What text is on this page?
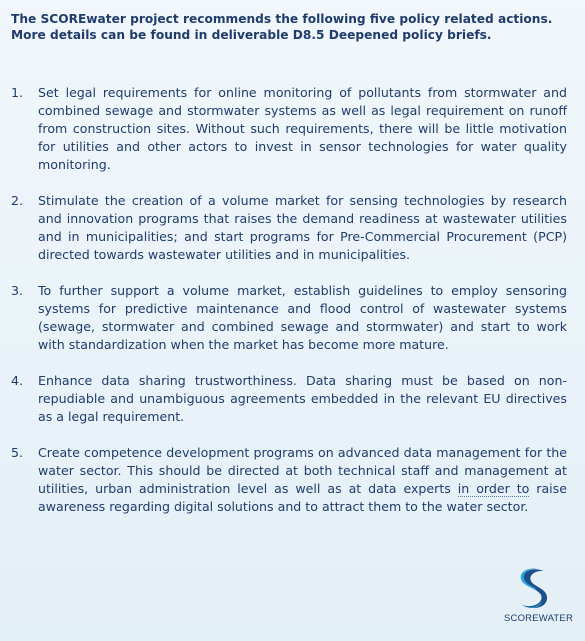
The SCOREwater project recommends the following five policy related actions.
More details can be found in deliverable D8.5 Deepened policy briefs.
1.	Set legal requirements for online monitoring of pollutants from stormwater and combined sewage and stormwater systems as well as legal requirement on runoff from construction sites. Without such requirements, there will be little motivation for utilities and other actors to invest in sensor technologies for water quality monitoring.
2.	Stimulate the creation of a volume market for sensing technologies by research and innovation programs that raises the demand readiness at wastewater utilities and in municipalities; and start programs for Pre-Commercial Procurement (PCP) directed towards wastewater utilities and in municipalities.
3.	To further support a volume market, establish guidelines to employ sensoring systems for predictive maintenance and flood control of wastewater systems (sewage, stormwater and combined sewage and stormwater) and start to work with standardization when the market has become more mature.
4.	Enhance data sharing trustworthiness. Data sharing must be based on non-repudiable and unambiguous agreements embedded in the relevant EU directives as a legal requirement.
5.	Create competence development programs on advanced data management for the water sector. This should be directed at both technical staff and management at utilities, urban administration level as well as at data experts in order to raise awareness regarding digital solutions and to attract them to the water sector.
SCOREWATER
